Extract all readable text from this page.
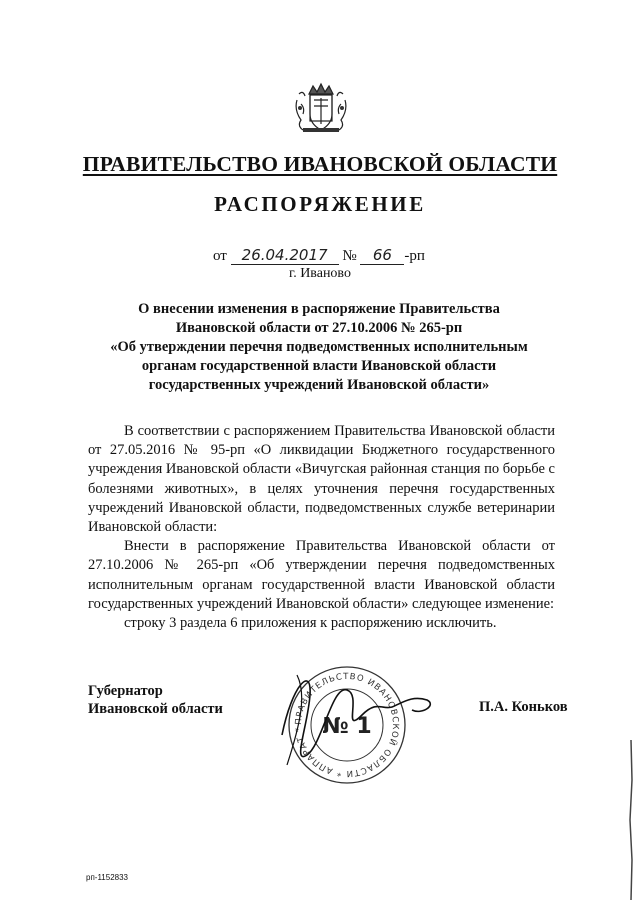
ПРАВИТЕЛЬСТВО ИВАНОВСКОЙ ОБЛАСТИ
РАСПОРЯЖЕНИЕ
от 26.04.2017 № 66 -рп
г. Иваново
О внесении изменения в распоряжение Правительства
Ивановской области от 27.10.2006 № 265-рп
«Об утверждении перечня подведомственных исполнительным
органам государственной власти Ивановской области
государственных учреждений Ивановской области»

В соответствии с распоряжением Правительства Ивановской области от 27.05.2016 № 95-рп «О ликвидации Бюджетного государственного учреждения Ивановской области «Вичугская районная станция по борьбе с болезнями животных», в целях уточнения перечня государственных учреждений Ивановской области, подведомственных службе ветеринарии Ивановской области:

Внести в распоряжение Правительства Ивановской области от 27.10.2006 № 265-рп «Об утверждении перечня подведомственных исполнительным органам государственной власти Ивановской области государственных учреждений Ивановской области» следующее изменение:

строку 3 раздела 6 приложения к распоряжению исключить.

Губернатор
Ивановской области	П.А. Коньков
ПРАВИТЕЛЬСТВО ИВАНОВСКОЙ ОБЛАСТИ * АППАРАТ * № 1
рп-1152833
